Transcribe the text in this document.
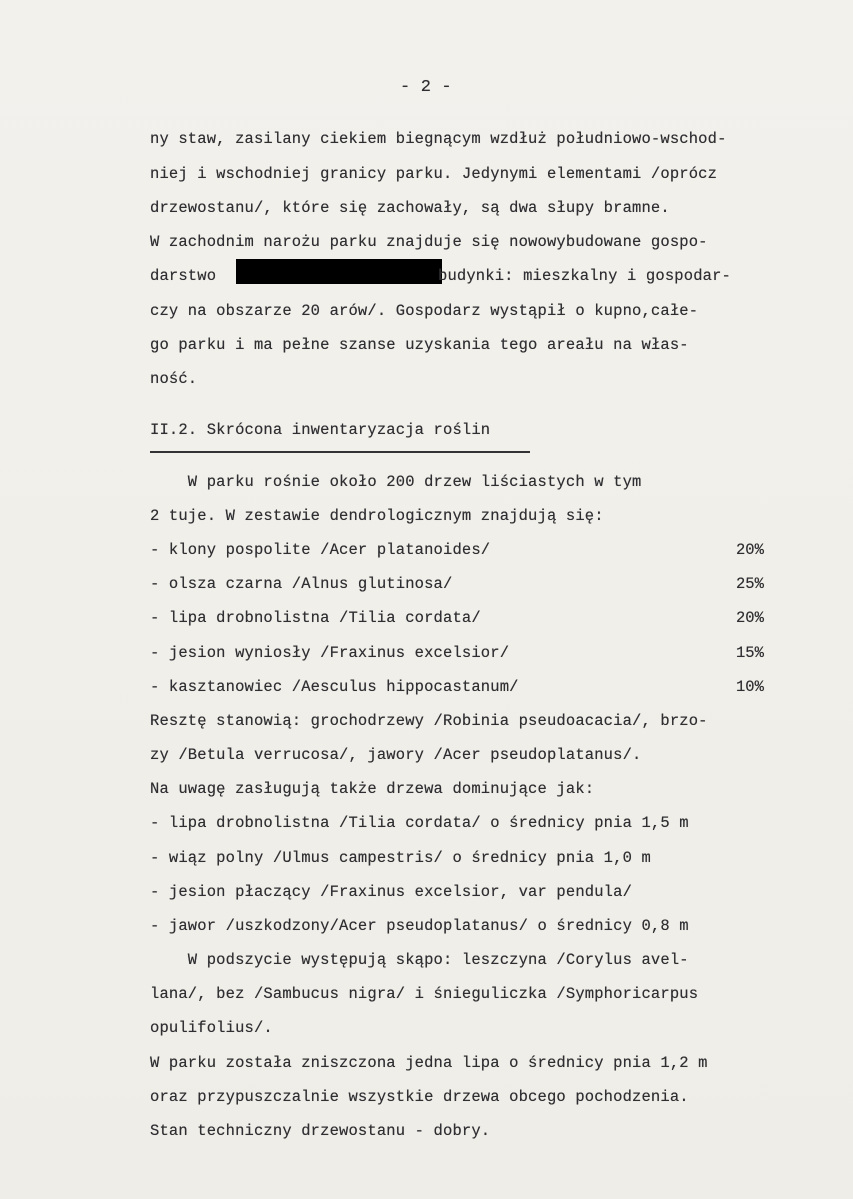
- 2 -
ny staw, zasilany ciekiem biegnącym wzdłuż południowo-wschod-
niej i wschodniej granicy parku. Jedynymi elementami /oprócz
drzewostanu/, które się zachowały, są dwa słupy bramne.
W zachodnim narożu parku znajduje się nowowybudowane gospo-
darstwo	budynki: mieszkalny i gospodar-
czy na obszarze 20 arów/. Gospodarz wystąpił o kupno,całe-
go parku i ma pełne szanse uzyskania tego areału na włas-
ność.
II.2. Skrócona inwentaryzacja roślin
W parku rośnie około 200 drzew liściastych w tym
2 tuje. W zestawie dendrologicznym znajdują się:
- klony pospolite /Acer platanoides/	20%
- olsza czarna /Alnus glutinosa/	25%
- lipa drobnolistna /Tilia cordata/	20%
- jesion wyniosły /Fraxinus excelsior/	15%
- kasztanowiec /Aesculus hippocastanum/	10%
Resztę stanowią: grochodrzewy /Robinia pseudoacacia/, brzo-
zy /Betula verrucosa/, jawory /Acer pseudoplatanus/.
Na uwagę zasługują także drzewa dominujące jak:
- lipa drobnolistna /Tilia cordata/ o średnicy pnia 1,5 m
- wiąz polny /Ulmus campestris/ o średnicy pnia 1,0 m
- jesion płaczący /Fraxinus excelsior, var pendula/
- jawor /uszkodzony/Acer pseudoplatanus/ o średnicy 0,8 m
W podszycie występują skąpo: leszczyna /Corylus avel-
lana/, bez /Sambucus nigra/ i śnieguliczka /Symphoricarpus
opulifolius/.
W parku została zniszczona jedna lipa o średnicy pnia 1,2 m
oraz przypuszczalnie wszystkie drzewa obcego pochodzenia.
Stan techniczny drzewostanu - dobry.
